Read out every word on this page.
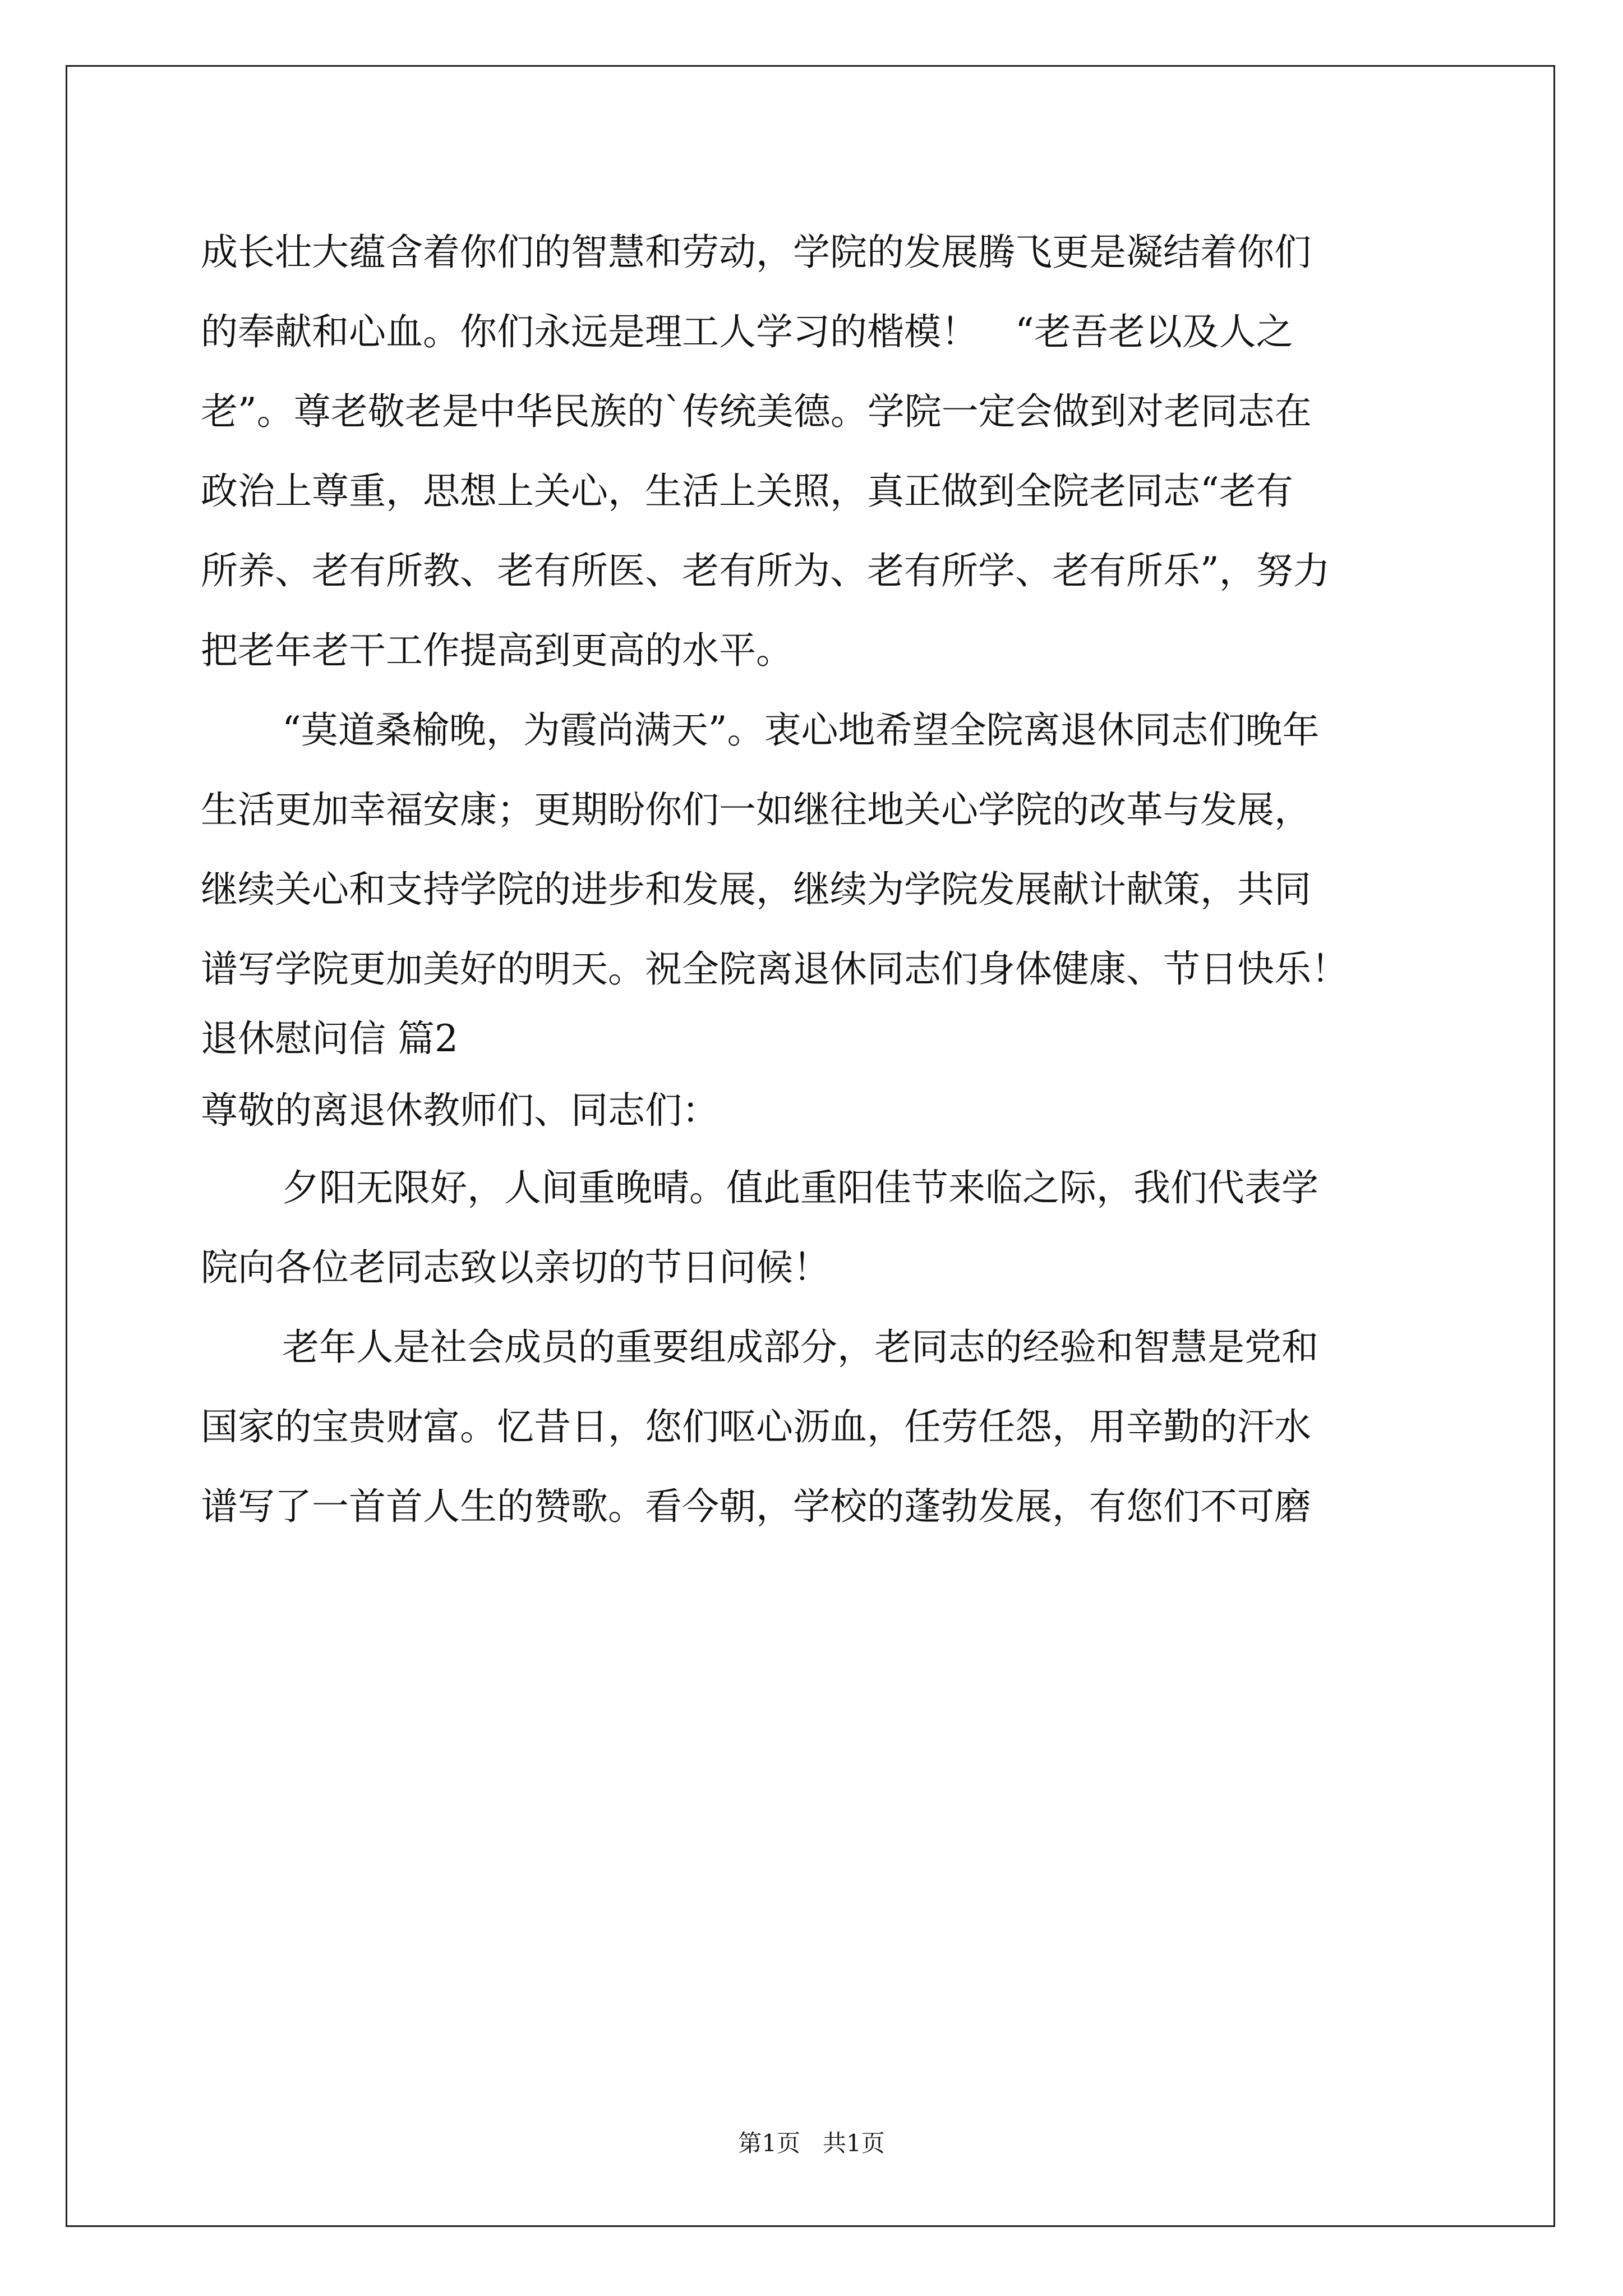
成长壮大蕴含着你们的智慧和劳动，学院的发展腾飞更是凝结着你们
的奉献和心血。你们永远是理工人学习的楷模！　“老吾老以及人之
老”。尊老敬老是中华民族的`传统美德。学院一定会做到对老同志在
政治上尊重，思想上关心，生活上关照，真正做到全院老同志“老有
所养、老有所教、老有所医、老有所为、老有所学、老有所乐”，努力
把老年老干工作提高到更高的水平。
“莫道桑榆晚，为霞尚满天”。衷心地希望全院离退休同志们晚年
生活更加幸福安康；更期盼你们一如继往地关心学院的改革与发展，
继续关心和支持学院的进步和发展，继续为学院发展献计献策，共同
谱写学院更加美好的明天。祝全院离退休同志们身体健康、节日快乐！
退休慰问信 篇2
尊敬的离退休教师们、同志们：
夕阳无限好，人间重晚晴。值此重阳佳节来临之际，我们代表学
院向各位老同志致以亲切的节日问候！
老年人是社会成员的重要组成部分，老同志的经验和智慧是党和
国家的宝贵财富。忆昔日，您们呕心沥血，任劳任怨，用辛勤的汗水
谱写了一首首人生的赞歌。看今朝，学校的蓬勃发展，有您们不可磨
第1页 共1页
